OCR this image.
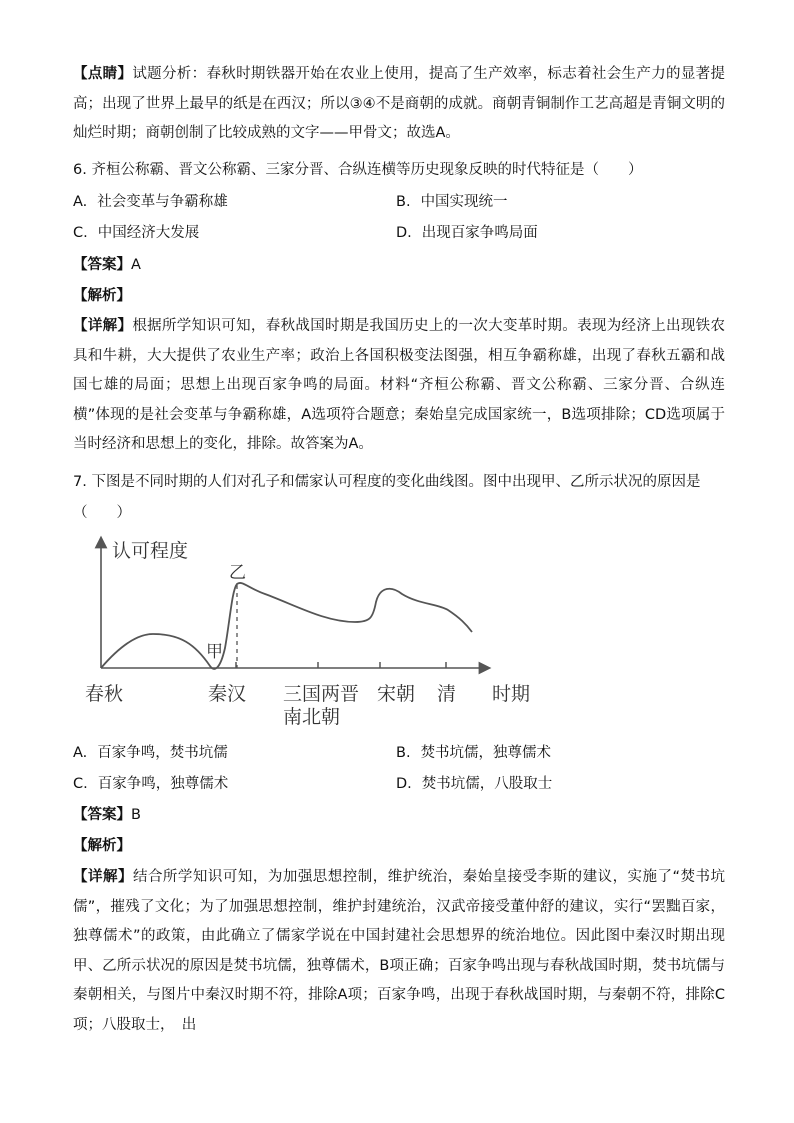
【点睛】试题分析：春秋时期铁器开始在农业上使用，提高了生产效率，标志着社会生产力的显著提高；出现了世界上最早的纸是在西汉；所以③④不是商朝的成就。商朝青铜制作工艺高超是青铜文明的灿烂时期；商朝创制了比较成熟的文字——甲骨文；故选A。
6. 齐桓公称霸、晋文公称霸、三家分晋、合纵连横等历史现象反映的时代特征是（　　）
A. 社会变革与争霸称雄	B. 中国实现统一
C. 中国经济大发展	D. 出现百家争鸣局面
【答案】A
【解析】
【详解】根据所学知识可知，春秋战国时期是我国历史上的一次大变革时期。表现为经济上出现铁农具和牛耕，大大提供了农业生产率；政治上各国积极变法图强，相互争霸称雄，出现了春秋五霸和战国七雄的局面；思想上出现百家争鸣的局面。材料“齐桓公称霸、晋文公称霸、三家分晋、合纵连横”体现的是社会变革与争霸称雄，A选项符合题意；秦始皇完成国家统一，B选项排除；CD选项属于当时经济和思想上的变化，排除。故答案为A。
7. 下图是不同时期的人们对孔子和儒家认可程度的变化曲线图。图中出现甲、乙所示状况的原因是
（　　）
认可程度
时期
甲
乙
春秋	秦汉 三国两晋
南北朝
宋朝 清
A. 百家争鸣，焚书坑儒	B. 焚书坑儒，独尊儒术
C. 百家争鸣，独尊儒术	D. 焚书坑儒，八股取士
【答案】B
【解析】
【详解】结合所学知识可知，为加强思想控制，维护统治，秦始皇接受李斯的建议，实施了“焚书坑儒”，摧残了文化；为了加强思想控制，维护封建统治，汉武帝接受董仲舒的建议，实行“罢黜百家，独尊儒术”的政策，由此确立了儒家学说在中国封建社会思想界的统治地位。因此图中秦汉时期出现甲、乙所示状况的原因是焚书坑儒，独尊儒术，B项正确；百家争鸣出现与春秋战国时期，焚书坑儒与秦朝相关，与图片中秦汉时期不符，排除A项；百家争鸣，出现于春秋战国时期，与秦朝不符，排除C项；八股取士，　出
